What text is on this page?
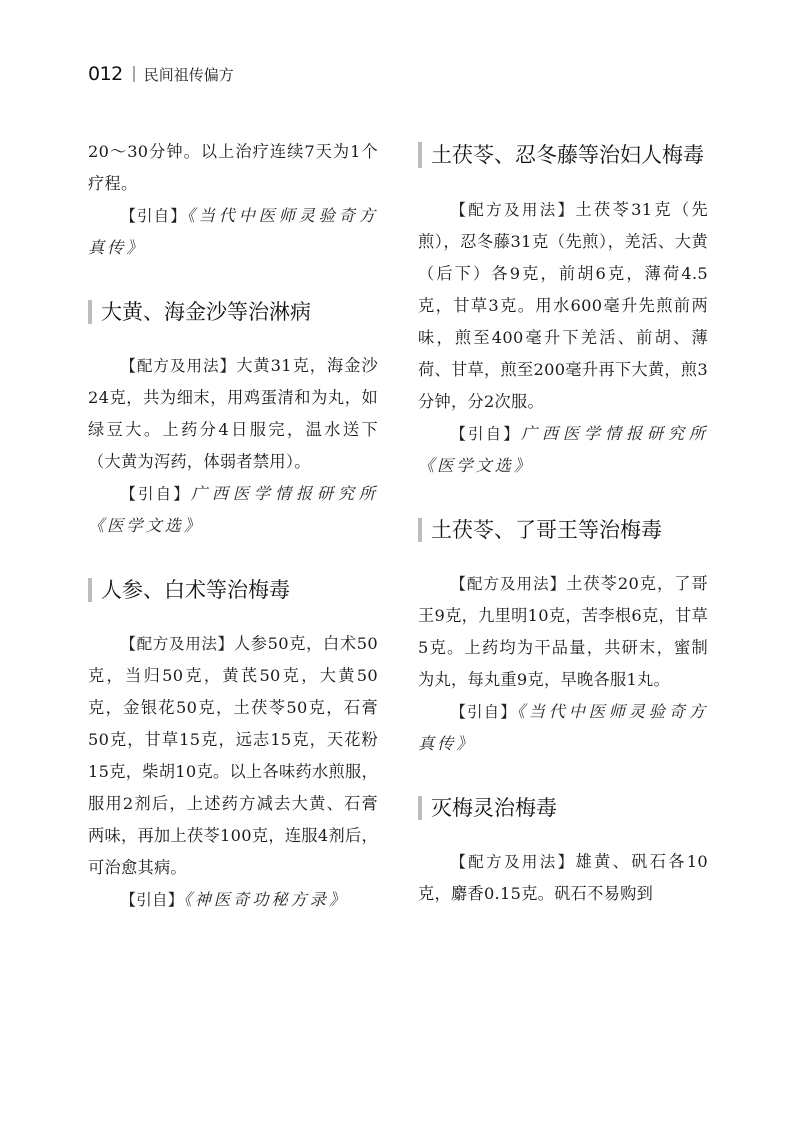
012 民间祖传偏方

20～30分钟。以上治疗连续7天为1个疗程。

【引自】《当代中医师灵验奇方真传》

大黄、海金沙等治淋病

【配方及用法】大黄31克，海金沙24克，共为细末，用鸡蛋清和为丸，如绿豆大。上药分4日服完，温水送下（大黄为泻药，体弱者禁用）。

【引自】广西医学情报研究所《医学文选》

人参、白术等治梅毒

【配方及用法】人参50克，白术50克，当归50克，黄芪50克，大黄50克，金银花50克，土茯苓50克，石膏50克，甘草15克，远志15克，天花粉15克，柴胡10克。以上各味药水煎服，服用2剂后，上述药方减去大黄、石膏两味，再加上茯苓100克，连服4剂后，可治愈其病。

【引自】《神医奇功秘方录》

土茯苓、忍冬藤等治妇人梅毒

【配方及用法】土茯苓31克（先煎），忍冬藤31克（先煎），羌活、大黄（后下）各9克，前胡6克，薄荷4.5克，甘草3克。用水600毫升先煎前两味，煎至400毫升下羌活、前胡、薄荷、甘草，煎至200毫升再下大黄，煎3分钟，分2次服。

【引自】广西医学情报研究所《医学文选》

土茯苓、了哥王等治梅毒

【配方及用法】土茯苓20克，了哥王9克，九里明10克，苦李根6克，甘草5克。上药均为干品量，共研末，蜜制为丸，每丸重9克，早晚各服1丸。

【引自】《当代中医师灵验奇方真传》

灭梅灵治梅毒

【配方及用法】雄黄、矾石各10克，麝香0.15克。矾石不易购到
